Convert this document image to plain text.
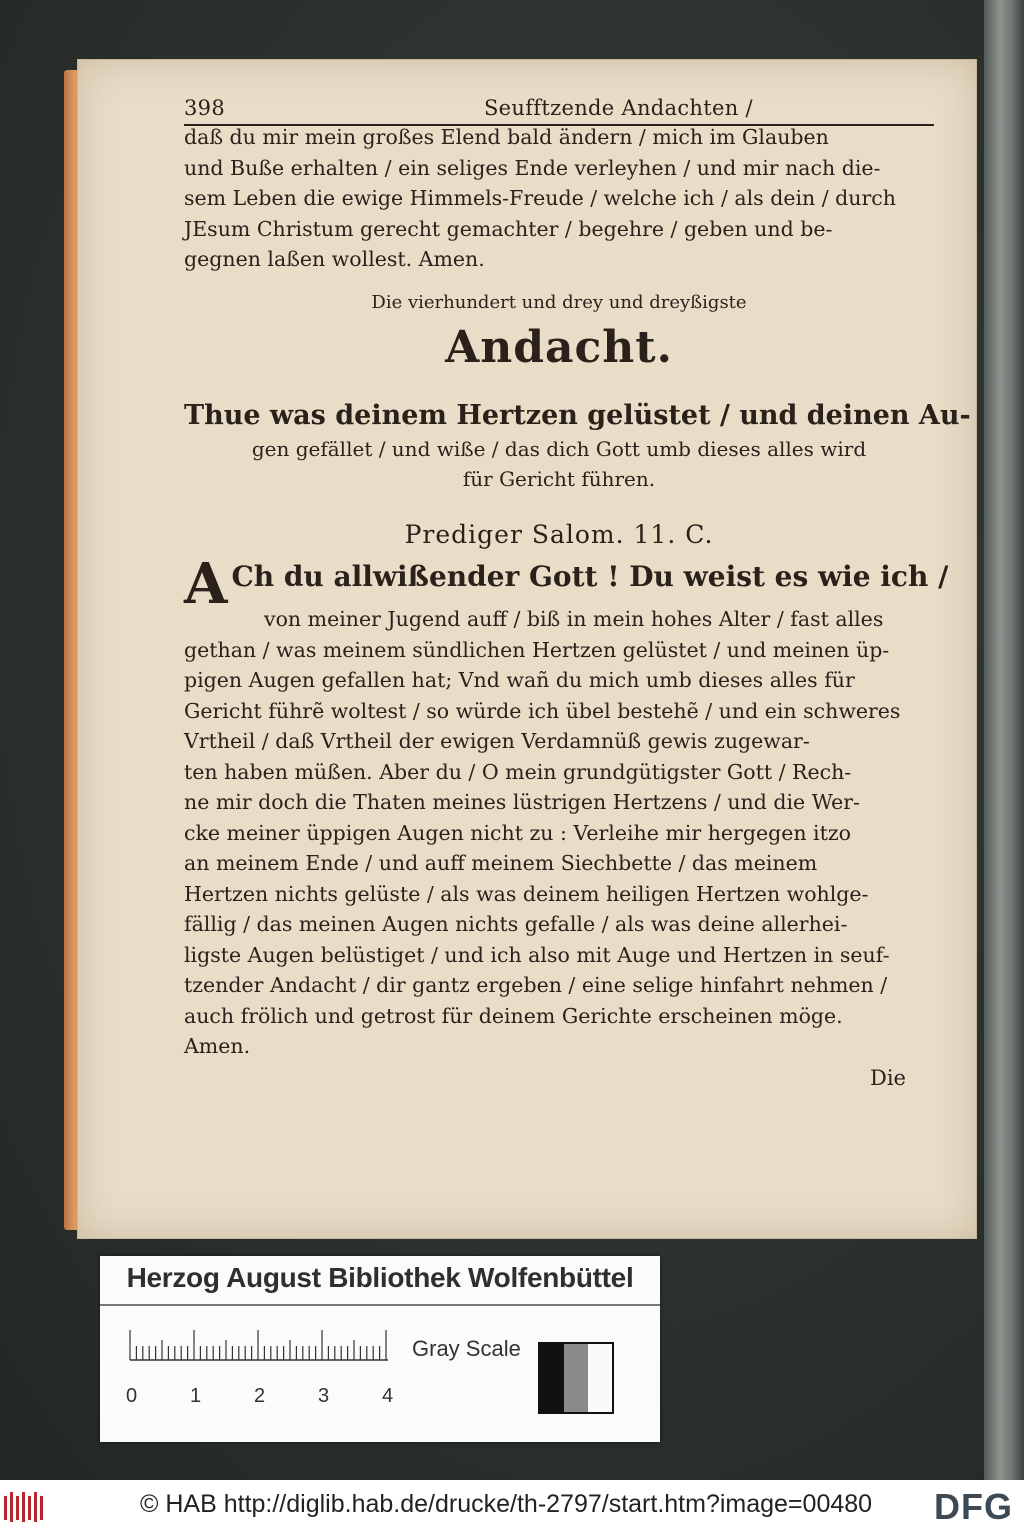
398	Seufftzende Andachten /
daß du mir mein großes Elend bald ändern / mich im Glauben
und Buße erhalten / ein seliges Ende verleyhen / und mir nach die-
sem Leben die ewige Himmels-Freude / welche ich / als dein / durch
JEsum Christum gerecht gemachter / begehre / geben und be-
gegnen laßen wollest. Amen.
Die vierhundert und drey und dreyßigste
Andacht.
Thue was deinem Hertzen gelüstet / und deinen Au-
gen gefället / und wiße / das dich Gott umb dieses alles wird
für Gericht führen.
Prediger Salom. 11. C.
A Ch du allwißender Gott ! Du weist es wie ich /
von meiner Jugend auff / biß in mein hohes Alter / fast alles
gethan / was meinem sündlichen Hertzen gelüstet / und meinen üp-
pigen Augen gefallen hat; Vnd wañ du mich umb dieses alles für
Gericht führẽ woltest / so würde ich übel bestehẽ / und ein schweres
Vrtheil / daß Vrtheil der ewigen Verdamnüß gewis zugewar-
ten haben müßen. Aber du / O mein grundgütigster Gott / Rech-
ne mir doch die Thaten meines lüstrigen Hertzens / und die Wer-
cke meiner üppigen Augen nicht zu : Verleihe mir hergegen itzo
an meinem Ende / und auff meinem Siechbette / das meinem
Hertzen nichts gelüste / als was deinem heiligen Hertzen wohlge-
fällig / das meinen Augen nichts gefalle / als was deine allerhei-
ligste Augen belüstiget / und ich also mit Auge und Hertzen in seuf-
tzender Andacht / dir gantz ergeben / eine selige hinfahrt nehmen /
auch frölich und getrost für deinem Gerichte erscheinen möge.
Amen.
Die
Herzog August Bibliothek Wolfenbüttel
0	1	2	3	4
Gray Scale
© HAB http://diglib.hab.de/drucke/th-2797/start.htm?image=00480 DFG
